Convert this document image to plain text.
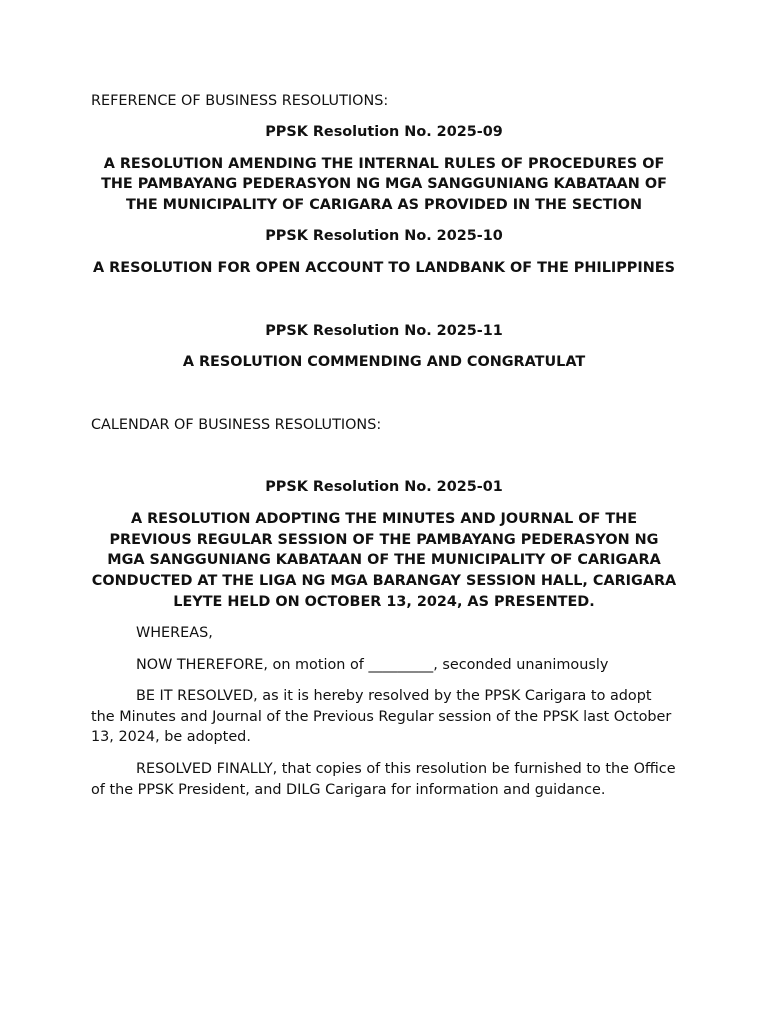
REFERENCE OF BUSINESS RESOLUTIONS:

PPSK Resolution No. 2025-09

A RESOLUTION AMENDING THE INTERNAL RULES OF PROCEDURES OF THE PAMBAYANG PEDERASYON NG MGA SANGGUNIANG KABATAAN OF THE MUNICIPALITY OF CARIGARA AS PROVIDED IN THE SECTION

PPSK Resolution No. 2025-10

A RESOLUTION FOR OPEN ACCOUNT TO LANDBANK OF THE PHILIPPINES

PPSK Resolution No. 2025-11

A RESOLUTION COMMENDING AND CONGRATULAT

CALENDAR OF BUSINESS RESOLUTIONS:

PPSK Resolution No. 2025-01

A RESOLUTION ADOPTING THE MINUTES AND JOURNAL OF THE PREVIOUS REGULAR SESSION OF THE PAMBAYANG PEDERASYON NG MGA SANGGUNIANG KABATAAN OF THE MUNICIPALITY OF CARIGARA CONDUCTED AT THE LIGA NG MGA BARANGAY SESSION HALL, CARIGARA LEYTE HELD ON OCTOBER 13, 2024, AS PRESENTED.

WHEREAS,

NOW THEREFORE, on motion of _________, seconded unanimously

BE IT RESOLVED, as it is hereby resolved by the PPSK Carigara to adopt the Minutes and Journal of the Previous Regular session of the PPSK last October 13, 2024, be adopted.

RESOLVED FINALLY, that copies of this resolution be furnished to the Office of the PPSK President, and DILG Carigara for information and guidance.
